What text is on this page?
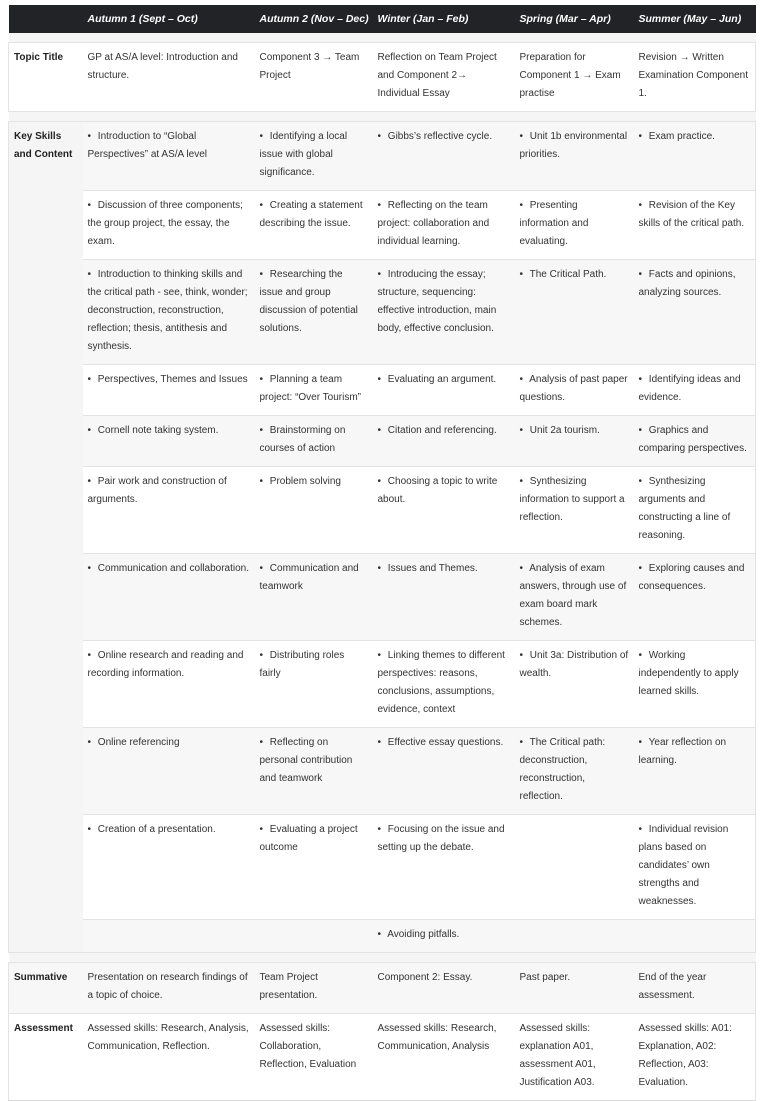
	Autumn 1 (Sept – Oct)	Autumn 2 (Nov – Dec)	Winter (Jan – Feb)	Spring (Mar – Apr)	Summer (May – Jun)

Topic Title	GP at AS/A level: Introduction and structure.	Component 3 → Team Project	Reflection on Team Project and Component 2→ Individual Essay	Preparation for Component 1 → Exam practise	Revision → Written Examination Component 1.

Key Skills and Content	• Introduction to “Global Perspectives” at AS/A level	• Identifying a local issue with global significance.	• Gibbs’s reflective cycle.	• Unit 1b environmental priorities.	• Exam practice.
	• Discussion of three components; the group project, the essay, the exam.	• Creating a statement describing the issue.	• Reflecting on the team project: collaboration and individual learning.	• Presenting information and evaluating.	• Revision of the Key skills of the critical path.
	• Introduction to thinking skills and the critical path - see, think, wonder; deconstruction, reconstruction, reflection; thesis, antithesis and synthesis.	• Researching the issue and group discussion of potential solutions.	• Introducing the essay; structure, sequencing: effective introduction, main body, effective conclusion.	• The Critical Path.	• Facts and opinions, analyzing sources.
	• Perspectives, Themes and Issues	• Planning a team project: “Over Tourism”	• Evaluating an argument.	• Analysis of past paper questions.	• Identifying ideas and evidence.
	• Cornell note taking system.	• Brainstorming on courses of action	• Citation and referencing.	• Unit 2a tourism.	• Graphics and comparing perspectives.
	• Pair work and construction of arguments.	• Problem solving	• Choosing a topic to write about.	• Synthesizing information to support a reflection.	• Synthesizing arguments and constructing a line of reasoning.
	• Communication and collaboration.	• Communication and teamwork	• Issues and Themes.	• Analysis of exam answers, through use of exam board mark schemes.	• Exploring causes and consequences.
	• Online research and reading and recording information.	• Distributing roles fairly	• Linking themes to different perspectives: reasons, conclusions, assumptions, evidence, context	• Unit 3a: Distribution of wealth.	• Working independently to apply learned skills.
	• Online referencing	• Reflecting on personal contribution and teamwork	• Effective essay questions.	• The Critical path: deconstruction, reconstruction, reflection.	• Year reflection on learning.
	• Creation of a presentation.	• Evaluating a project outcome	• Focusing on the issue and setting up the debate.		• Individual revision plans based on candidates’ own strengths and weaknesses.
			• Avoiding pitfalls.		

Summative	Presentation on research findings of a topic of choice.	Team Project presentation.	Component 2: Essay.	Past paper.	End of the year assessment.
Assessment	Assessed skills: Research, Analysis, Communication, Reflection.	Assessed skills: Collaboration, Reflection, Evaluation	Assessed skills: Research, Communication, Analysis	Assessed skills: explanation A01, assessment A01, Justification A03.	Assessed skills: A01: Explanation, A02: Reflection, A03: Evaluation.
